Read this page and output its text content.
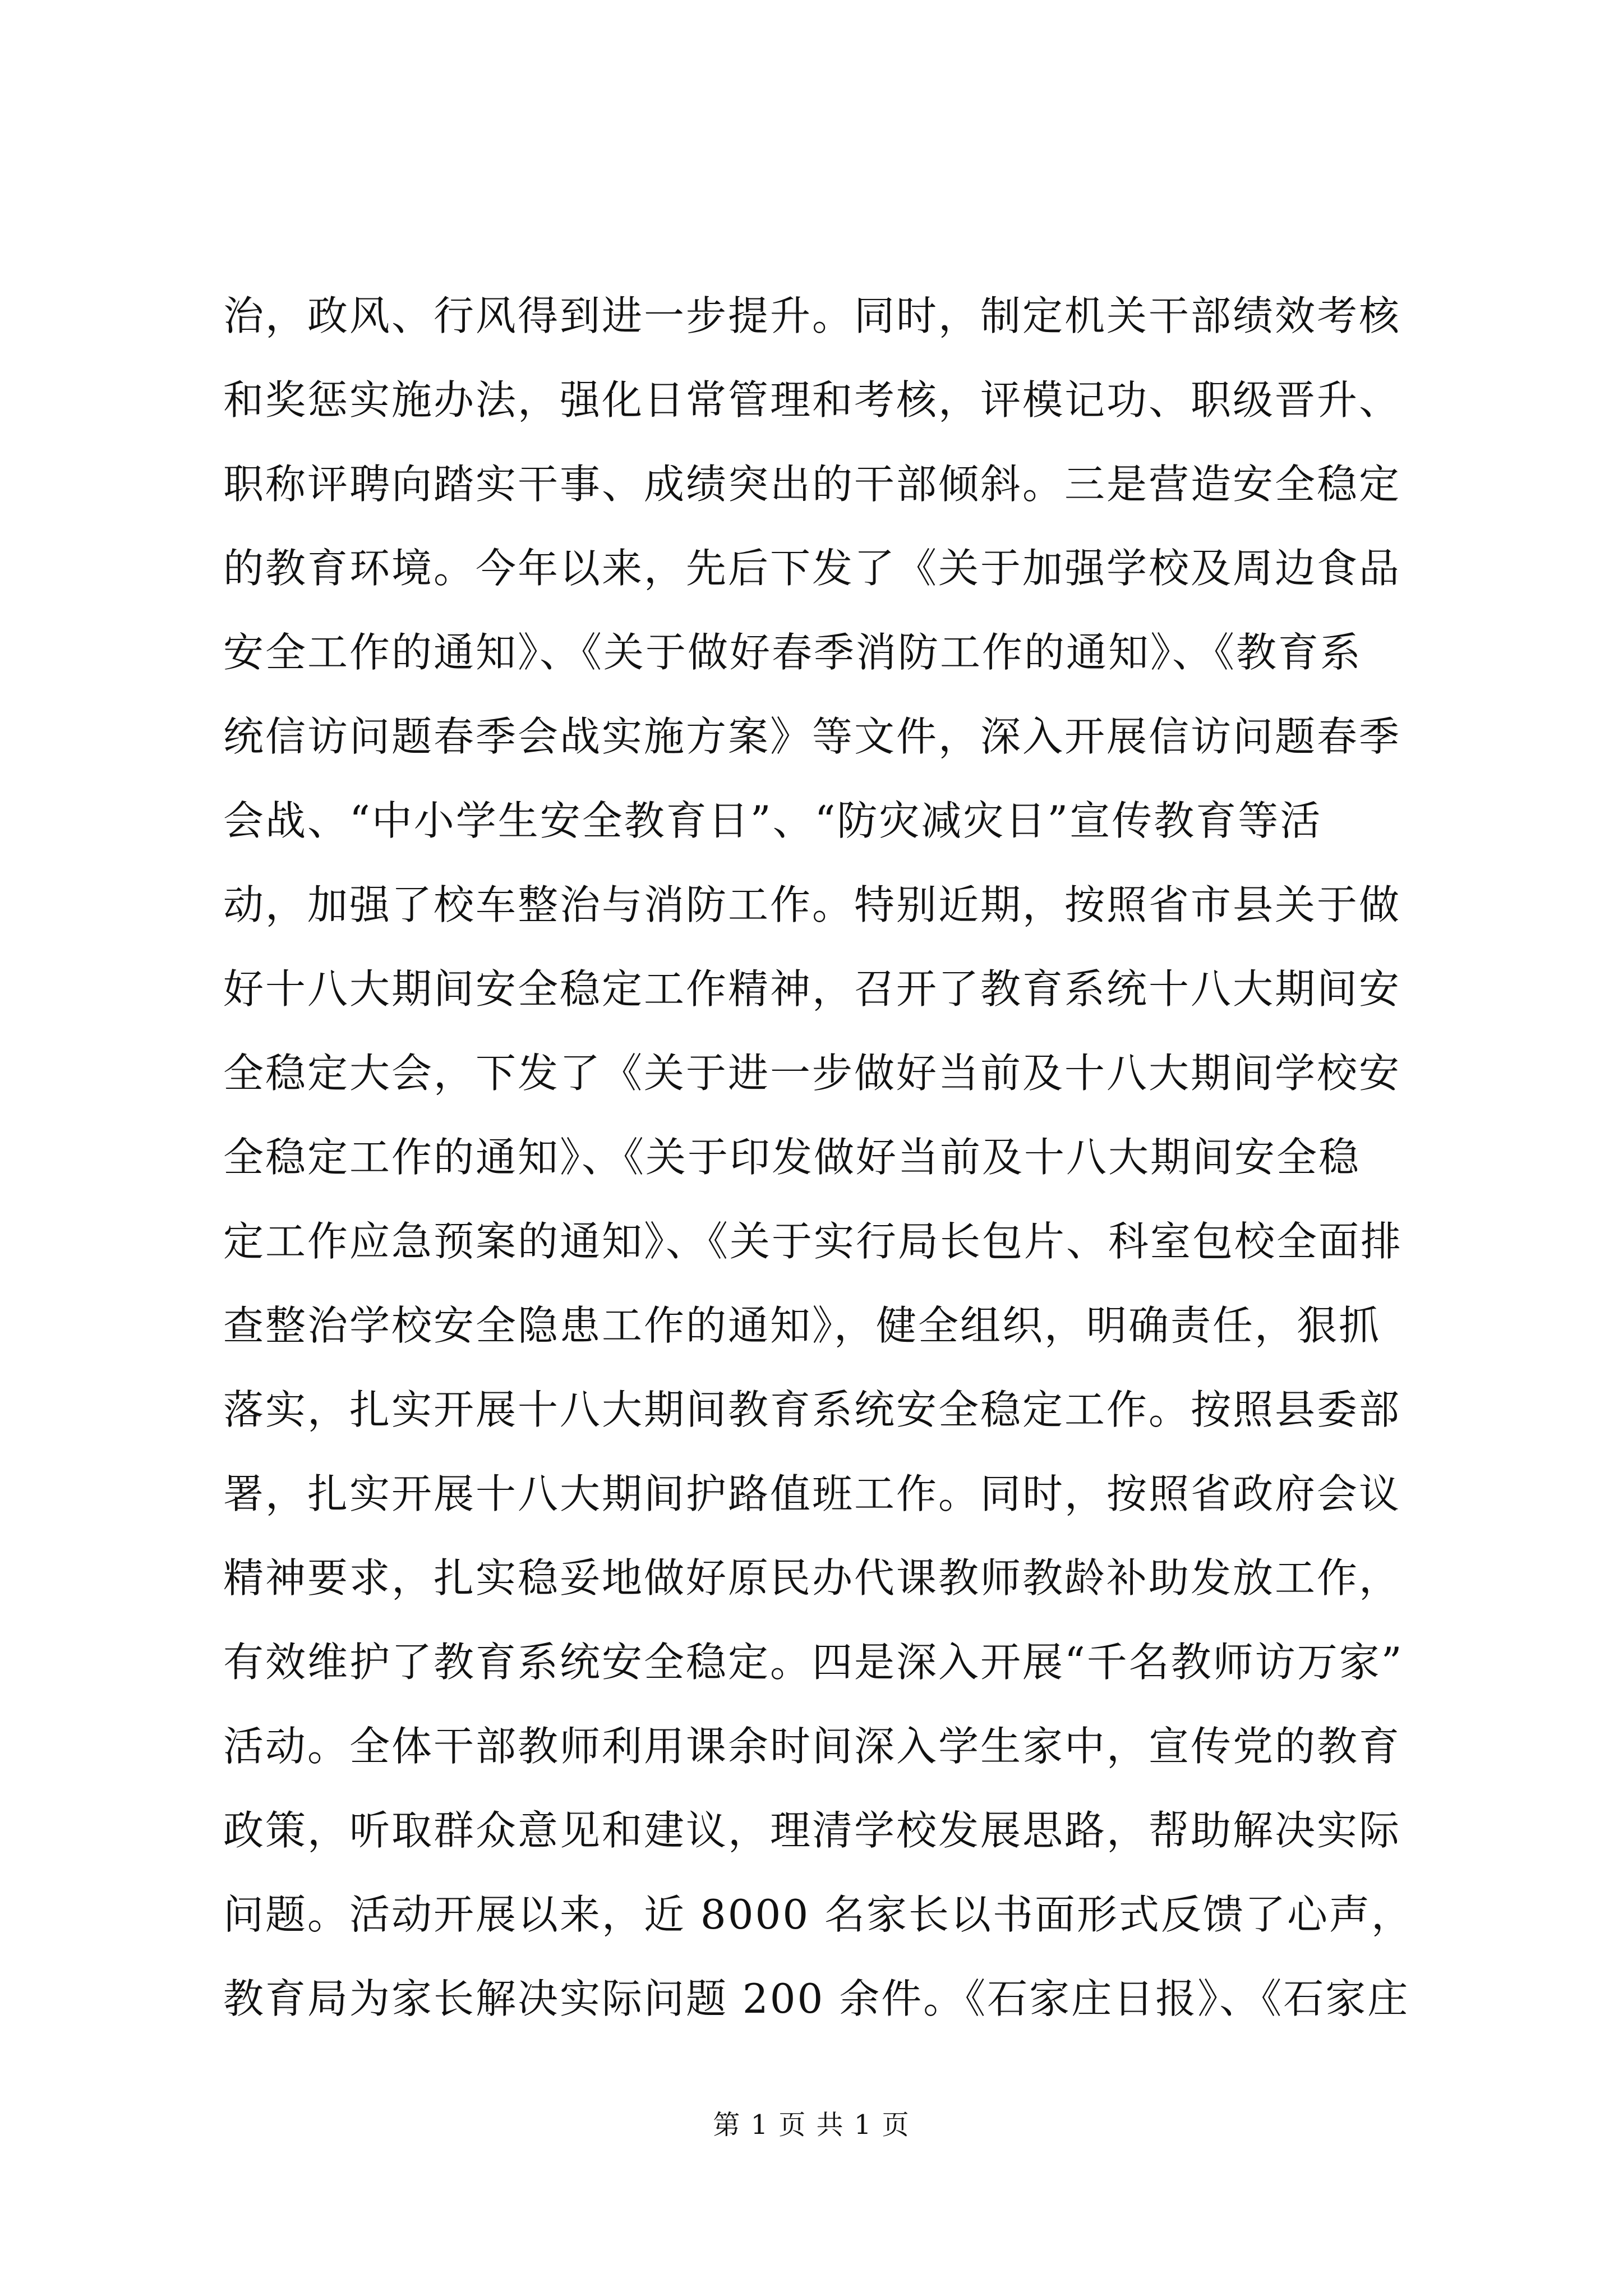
治，政风、行风得到进一步提升。同时，制定机关干部绩效考核
和奖惩实施办法，强化日常管理和考核，评模记功、职级晋升、
职称评聘向踏实干事、成绩突出的干部倾斜。三是营造安全稳定
的教育环境。今年以来，先后下发了《关于加强学校及周边食品
安全工作的通知》、《关于做好春季消防工作的通知》、《教育系
统信访问题春季会战实施方案》等文件，深入开展信访问题春季
会战、“中小学生安全教育日”、“防灾减灾日”宣传教育等活
动，加强了校车整治与消防工作。特别近期，按照省市县关于做
好十八大期间安全稳定工作精神，召开了教育系统十八大期间安
全稳定大会，下发了《关于进一步做好当前及十八大期间学校安
全稳定工作的通知》、《关于印发做好当前及十八大期间安全稳
定工作应急预案的通知》、《关于实行局长包片、科室包校全面排
查整治学校安全隐患工作的通知》，健全组织，明确责任，狠抓
落实，扎实开展十八大期间教育系统安全稳定工作。按照县委部
署，扎实开展十八大期间护路值班工作。同时，按照省政府会议
精神要求，扎实稳妥地做好原民办代课教师教龄补助发放工作，
有效维护了教育系统安全稳定。四是深入开展“千名教师访万家”
活动。全体干部教师利用课余时间深入学生家中，宣传党的教育
政策，听取群众意见和建议，理清学校发展思路，帮助解决实际
问题。活动开展以来，近 8000 名家长以书面形式反馈了心声，
教育局为家长解决实际问题 200 余件。《石家庄日报》、《石家庄
第 1 页 共 1 页
